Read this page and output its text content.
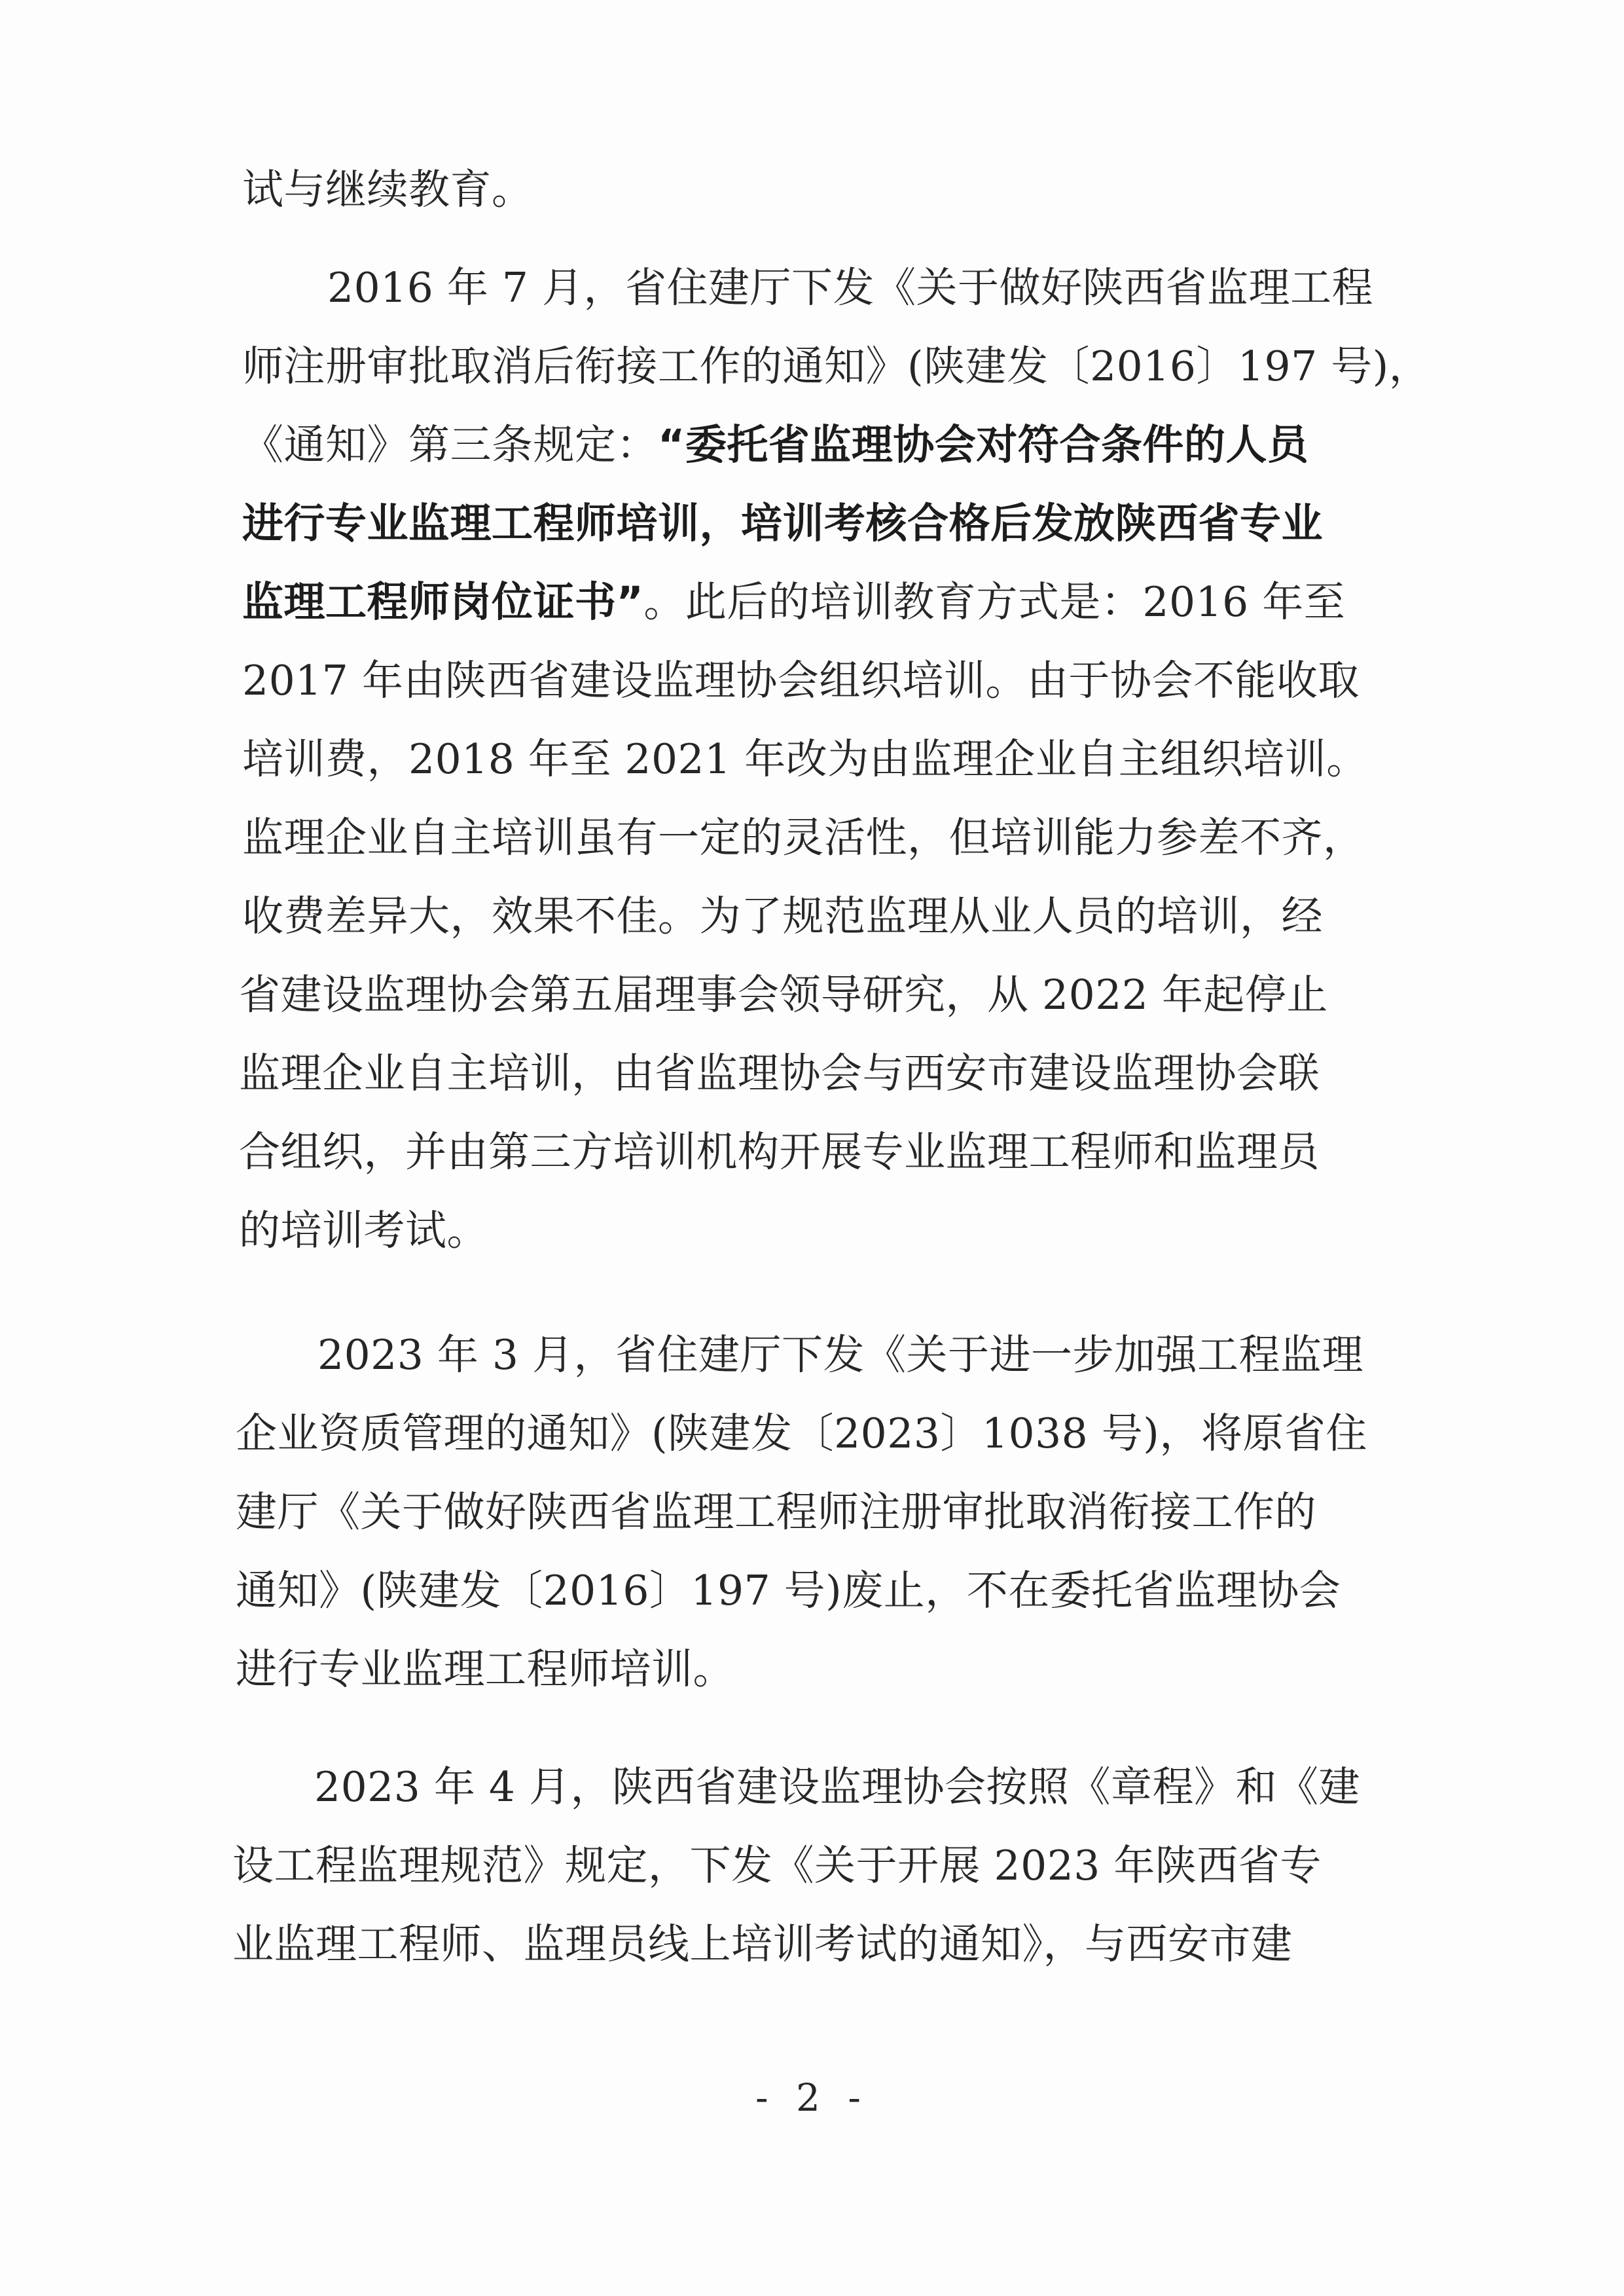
试与继续教育。
2016 年 7 月，省住建厅下发《关于做好陕西省监理工程
师注册审批取消后衔接工作的通知》(陕建发〔2016〕197 号)，
《通知》第三条规定：“委托省监理协会对符合条件的人员
进行专业监理工程师培训，培训考核合格后发放陕西省专业
监理工程师岗位证书”。此后的培训教育方式是：2016 年至
2017 年由陕西省建设监理协会组织培训。由于协会不能收取
培训费，2018 年至 2021 年改为由监理企业自主组织培训。
监理企业自主培训虽有一定的灵活性，但培训能力参差不齐，
收费差异大，效果不佳。为了规范监理从业人员的培训，经
省建设监理协会第五届理事会领导研究，从 2022 年起停止
监理企业自主培训，由省监理协会与西安市建设监理协会联
合组织，并由第三方培训机构开展专业监理工程师和监理员
的培训考试。
2023 年 3 月，省住建厅下发《关于进一步加强工程监理
企业资质管理的通知》(陕建发〔2023〕1038 号)，将原省住
建厅《关于做好陕西省监理工程师注册审批取消衔接工作的
通知》(陕建发〔2016〕197 号)废止，不在委托省监理协会
进行专业监理工程师培训。
2023 年 4 月，陕西省建设监理协会按照《章程》和《建
设工程监理规范》规定，下发《关于开展 2023 年陕西省专
业监理工程师、监理员线上培训考试的通知》，与西安市建
- 2 -
